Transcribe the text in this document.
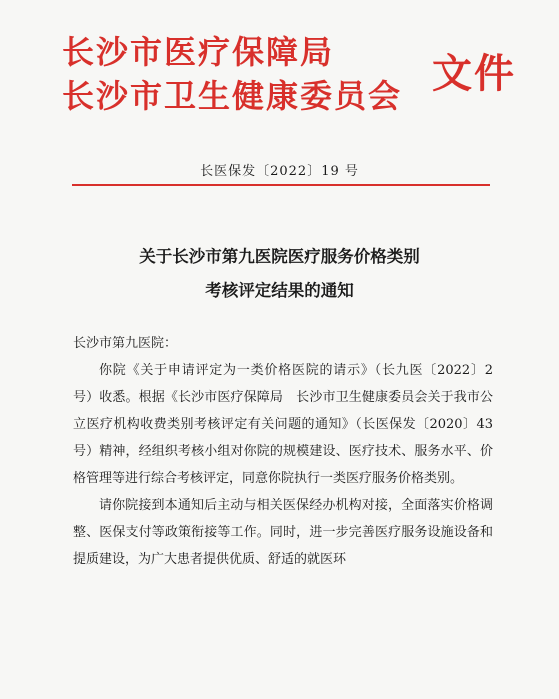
长沙市医疗保障局
长沙市卫生健康委员会 文件
长医保发〔2022〕19 号
关于长沙市第九医院医疗服务价格类别
考核评定结果的通知

长沙市第九医院：

你院《关于申请评定为一类价格医院的请示》（长九医〔2022〕2 号）收悉。根据《长沙市医疗保障局　长沙市卫生健康委员会关于我市公立医疗机构收费类别考核评定有关问题的通知》（长医保发〔2020〕43 号）精神，经组织考核小组对你院的规模建设、医疗技术、服务水平、价格管理等进行综合考核评定，同意你院执行一类医疗服务价格类别。

请你院接到本通知后主动与相关医保经办机构对接，全面落实价格调整、医保支付等政策衔接等工作。同时，进一步完善医疗服务设施设备和提质建设，为广大患者提供优质、舒适的就医环
